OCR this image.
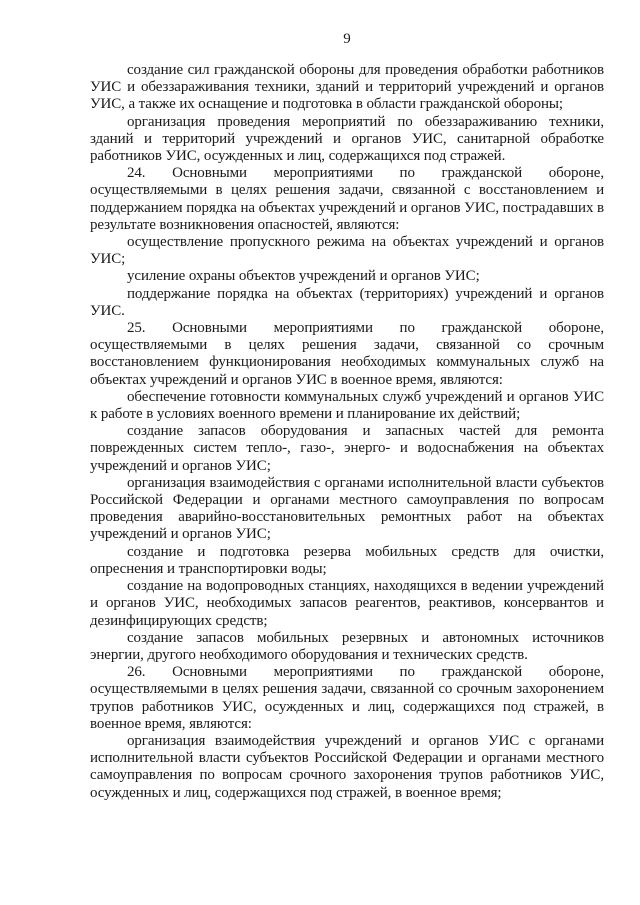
9

создание сил гражданской обороны для проведения обработки работников УИС и обеззараживания техники, зданий и территорий учреждений и органов УИС, а также их оснащение и подготовка в области гражданской обороны;

организация проведения мероприятий по обеззараживанию техники, зданий и территорий учреждений и органов УИС, санитарной обработке работников УИС, осужденных и лиц, содержащихся под стражей.

24. Основными мероприятиями по гражданской обороне, осуществляемыми в целях решения задачи, связанной с восстановлением и поддержанием порядка на объектах учреждений и органов УИС, пострадавших в результате возникновения опасностей, являются:

осуществление пропускного режима на объектах учреждений и органов УИС;

усиление охраны объектов учреждений и органов УИС;

поддержание порядка на объектах (территориях) учреждений и органов УИС.

25. Основными мероприятиями по гражданской обороне, осуществляемыми в целях решения задачи, связанной со срочным восстановлением функционирования необходимых коммунальных служб на объектах учреждений и органов УИС в военное время, являются:

обеспечение готовности коммунальных служб учреждений и органов УИС к работе в условиях военного времени и планирование их действий;

создание запасов оборудования и запасных частей для ремонта поврежденных систем тепло-, газо-, энерго- и водоснабжения на объектах учреждений и органов УИС;

организация взаимодействия с органами исполнительной власти субъектов Российской Федерации и органами местного самоуправления по вопросам проведения аварийно-восстановительных ремонтных работ на объектах учреждений и органов УИС;

создание и подготовка резерва мобильных средств для очистки, опреснения и транспортировки воды;

создание на водопроводных станциях, находящихся в ведении учреждений и органов УИС, необходимых запасов реагентов, реактивов, консервантов и дезинфицирующих средств;

создание запасов мобильных резервных и автономных источников энергии, другого необходимого оборудования и технических средств.

26. Основными мероприятиями по гражданской обороне, осуществляемыми в целях решения задачи, связанной со срочным захоронением трупов работников УИС, осужденных и лиц, содержащихся под стражей, в военное время, являются:

организация взаимодействия учреждений и органов УИС с органами исполнительной власти субъектов Российской Федерации и органами местного самоуправления по вопросам срочного захоронения трупов работников УИС, осужденных и лиц, содержащихся под стражей, в военное время;
